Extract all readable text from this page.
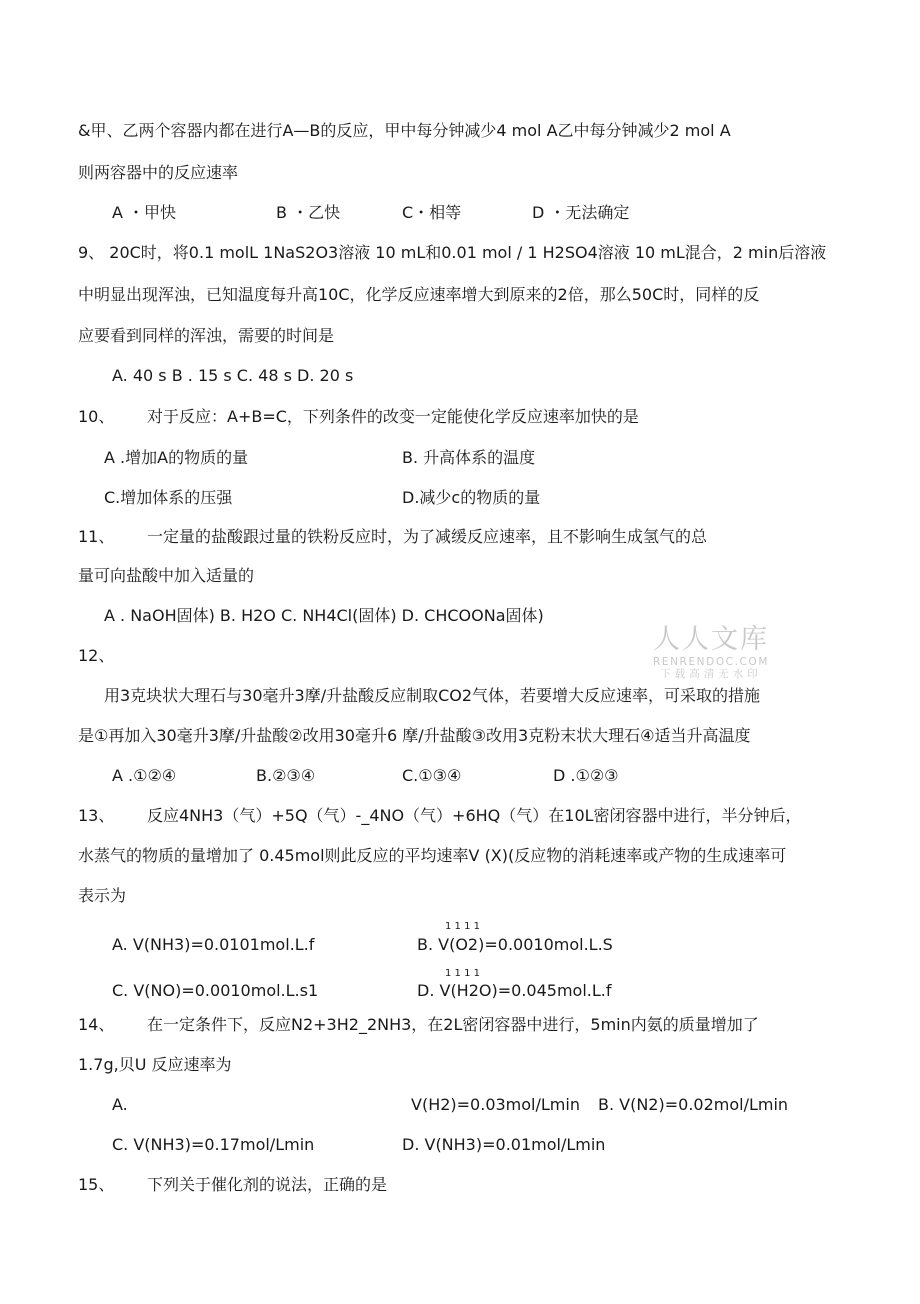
&甲、乙两个容器内都在进行A—B的反应，甲中每分钟减少4 mol A乙中每分钟减少2 mol A
则两容器中的反应速率
A ・甲快	B ・乙快	C・相等	D ・无法确定
9、 20C时，将0.1 molL 1NaS2O3溶液 10 mL和0.01 mol / 1 H2SO4溶液 10 mL混合，2 min后溶液
中明显出现浑浊，已知温度每升高10C，化学反应速率增大到原来的2倍，那么50C时，同样的反
应要看到同样的浑浊，需要的时间是
A. 40 s B . 15 s C. 48 s D. 20 s
10、 对于反应：A+B=C，下列条件的改变一定能使化学反应速率加快的是
A .增加A的物质的量	B. 升高体系的温度
C.增加体系的压强	D.减少c的物质的量
11、 一定量的盐酸跟过量的铁粉反应时，为了减缓反应速率，且不影响生成氢气的总
量可向盐酸中加入适量的
A . NaOH固体) B. H2O C. NH4Cl(固体) D. CHCOONa固体)
人人文库
RENRENDOC.COM
下载高清无水印
12、
用3克块状大理石与30毫升3摩/升盐酸反应制取CO2气体，若要增大反应速率，可采取的措施
是①再加入30毫升3摩/升盐酸②改用30毫升6 摩/升盐酸③改用3克粉末状大理石④适当升高温度
A .①②④	B.②③④	C.①③④	D .①②③
13、 反应4NH3（气）+5Q（气）-_4NO（气）+6HQ（气）在10L密闭容器中进行，半分钟后，
水蒸气的物质的量增加了 0.45mol则此反应的平均速率V (X)(反应物的消耗速率或产物的生成速率可
表示为
1 1 1 1
A. V(NH3)=0.0101mol.L.f	B. V(O2)=0.0010mol.L.S
1 1 1 1
C. V(NO)=0.0010mol.L.s1	D. V(H2O)=0.045mol.L.f
14、 在一定条件下，反应N2+3H2_2NH3，在2L密闭容器中进行，5min内氨的质量增加了
1.7g,贝U 反应速率为
A.	V(H2)=0.03mol/Lmin B. V(N2)=0.02mol/Lmin
C. V(NH3)=0.17mol/Lmin	D. V(NH3)=0.01mol/Lmin
15、 下列关于催化剂的说法，正确的是
